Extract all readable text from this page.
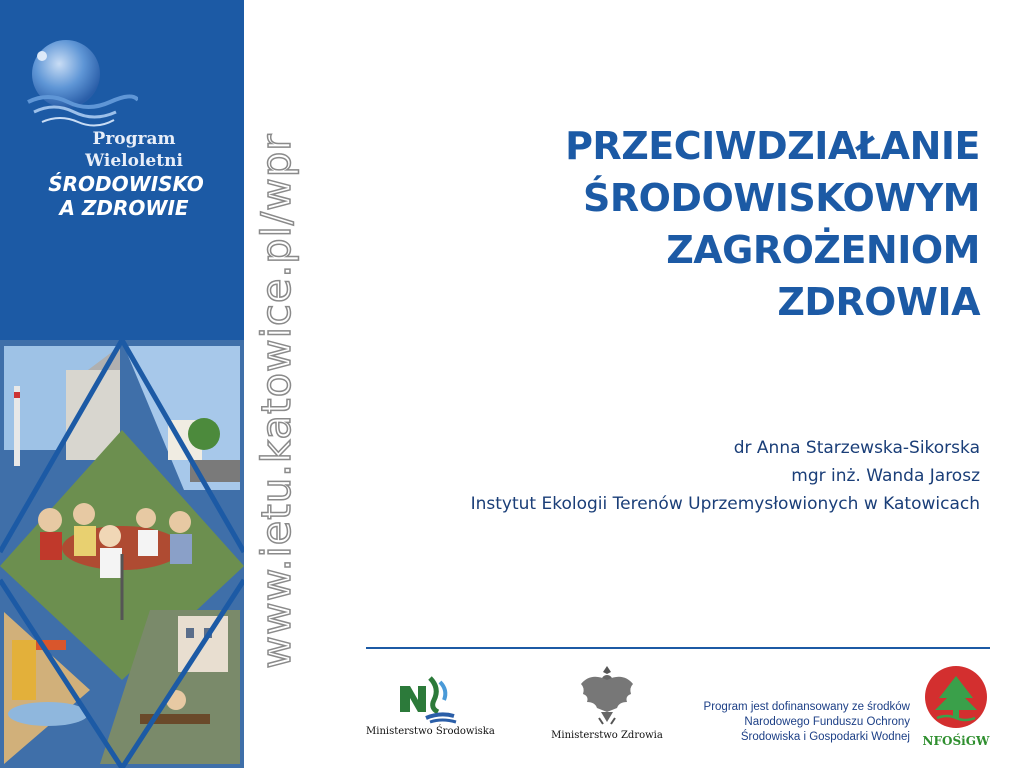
Program
Wieloletni
ŚRODOWISKO
A ZDROWIE	www.ietu.katowice.pl/wpr	PRZECIWDZIAŁANIE
ŚRODOWISKOWYM
ZAGROŻENIOM
ZDROWIA
dr Anna Starzewska-Sikorska
mgr inż. Wanda Jarosz
Instytut Ekologii Terenów Uprzemysłowionych w Katowicach
Ministerstwo Środowiska	Ministerstwo Zdrowia
Program jest dofinansowany ze środków
Narodowego Funduszu Ochrony
Środowiska i Gospodarki Wodnej NFOŚiGW
